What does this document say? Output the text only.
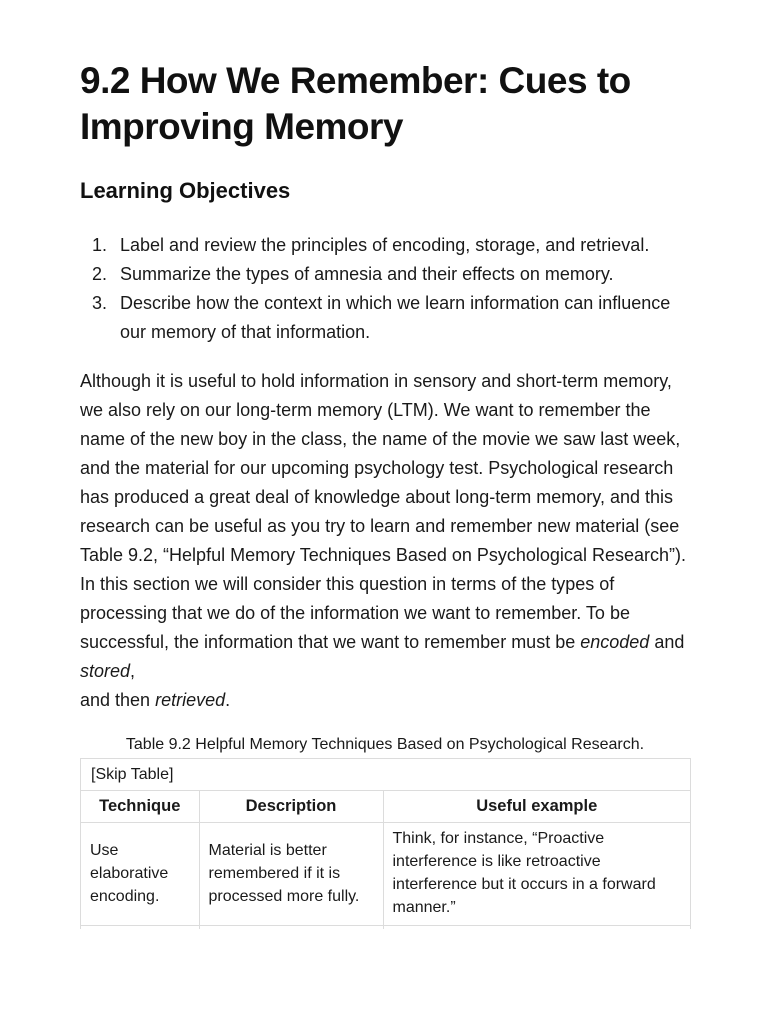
9.2 How We Remember: Cues to Improving Memory
Learning Objectives
1. Label and review the principles of encoding, storage, and retrieval.
2. Summarize the types of amnesia and their effects on memory.
3. Describe how the context in which we learn information can influence our memory of that information.

Although it is useful to hold information in sensory and short-term memory, we also rely on our long-term memory (LTM). We want to remember the name of the new boy in the class, the name of the movie we saw last week, and the material for our upcoming psychology test. Psychological research has produced a great deal of knowledge about long-term memory, and this research can be useful as you try to learn and remember new material (see Table 9.2, “Helpful Memory Techniques Based on Psychological Research”). In this section we will consider this question in terms of the types of processing that we do of the information we want to remember. To be successful, the information that we want to remember must be encoded and stored,
and then retrieved.

Table 9.2 Helpful Memory Techniques Based on Psychological Research.
[Skip Table]
Technique	Description	Useful example
Use elaborative encoding.	Material is better remembered if it is processed more fully.	Think, for instance, “Proactive interference is like retroactive interference but it occurs in a forward manner.”
